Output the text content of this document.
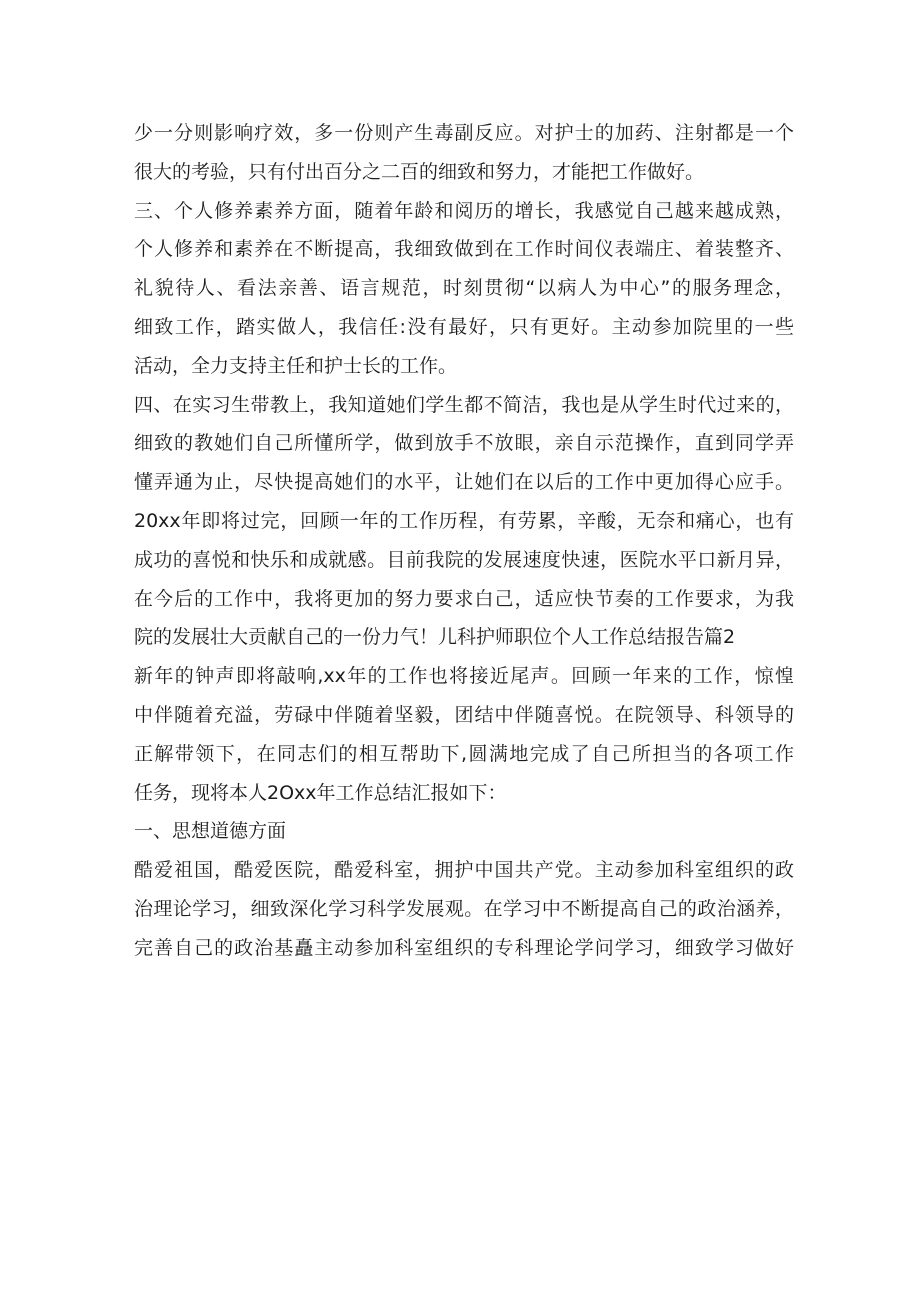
少一分则影响疗效，多一份则产生毒副反应。对护士的加药、注射都是一个
很大的考验，只有付出百分之二百的细致和努力，才能把工作做好。
三、个人修养素养方面，随着年龄和阅历的增长，我感觉自己越来越成熟，
个人修养和素养在不断提高，我细致做到在工作时间仪表端庄、着装整齐、
礼貌待人、看法亲善、语言规范，时刻贯彻“以病人为中心”的服务理念，
细致工作，踏实做人，我信任:没有最好，只有更好。主动参加院里的一些
活动，全力支持主任和护士长的工作。
四、在实习生带教上，我知道她们学生都不简洁，我也是从学生时代过来的，
细致的教她们自己所懂所学，做到放手不放眼，亲自示范操作，直到同学弄
懂弄通为止，尽快提高她们的水平，让她们在以后的工作中更加得心应手。
20xx年即将过完，回顾一年的工作历程，有劳累，辛酸，无奈和痛心，也有
成功的喜悦和快乐和成就感。目前我院的发展速度快速，医院水平口新月异，
在今后的工作中，我将更加的努力要求白己，适应快节奏的工作要求，为我
院的发展壮大贡献自己的一份力气！儿科护师职位个人工作总结报告篇2
新年的钟声即将敲响,xx年的工作也将接近尾声。回顾一年来的工作，惊惶
中伴随着充溢，劳碌中伴随着坚毅，团结中伴随喜悦。在院领导、科领导的
正解带领下，在同志们的相互帮助下,圆满地完成了自己所担当的各项工作
任务，现将本人2Oxx年工作总结汇报如下：
一、思想道德方面
酷爱祖国，酷爱医院，酷爱科室，拥护中国共产党。主动参加科室组织的政
治理论学习，细致深化学习科学发展观。在学习中不断提高自己的政治涵养，
完善自己的政治基矗主动参加科室组织的专科理论学问学习，细致学习做好
